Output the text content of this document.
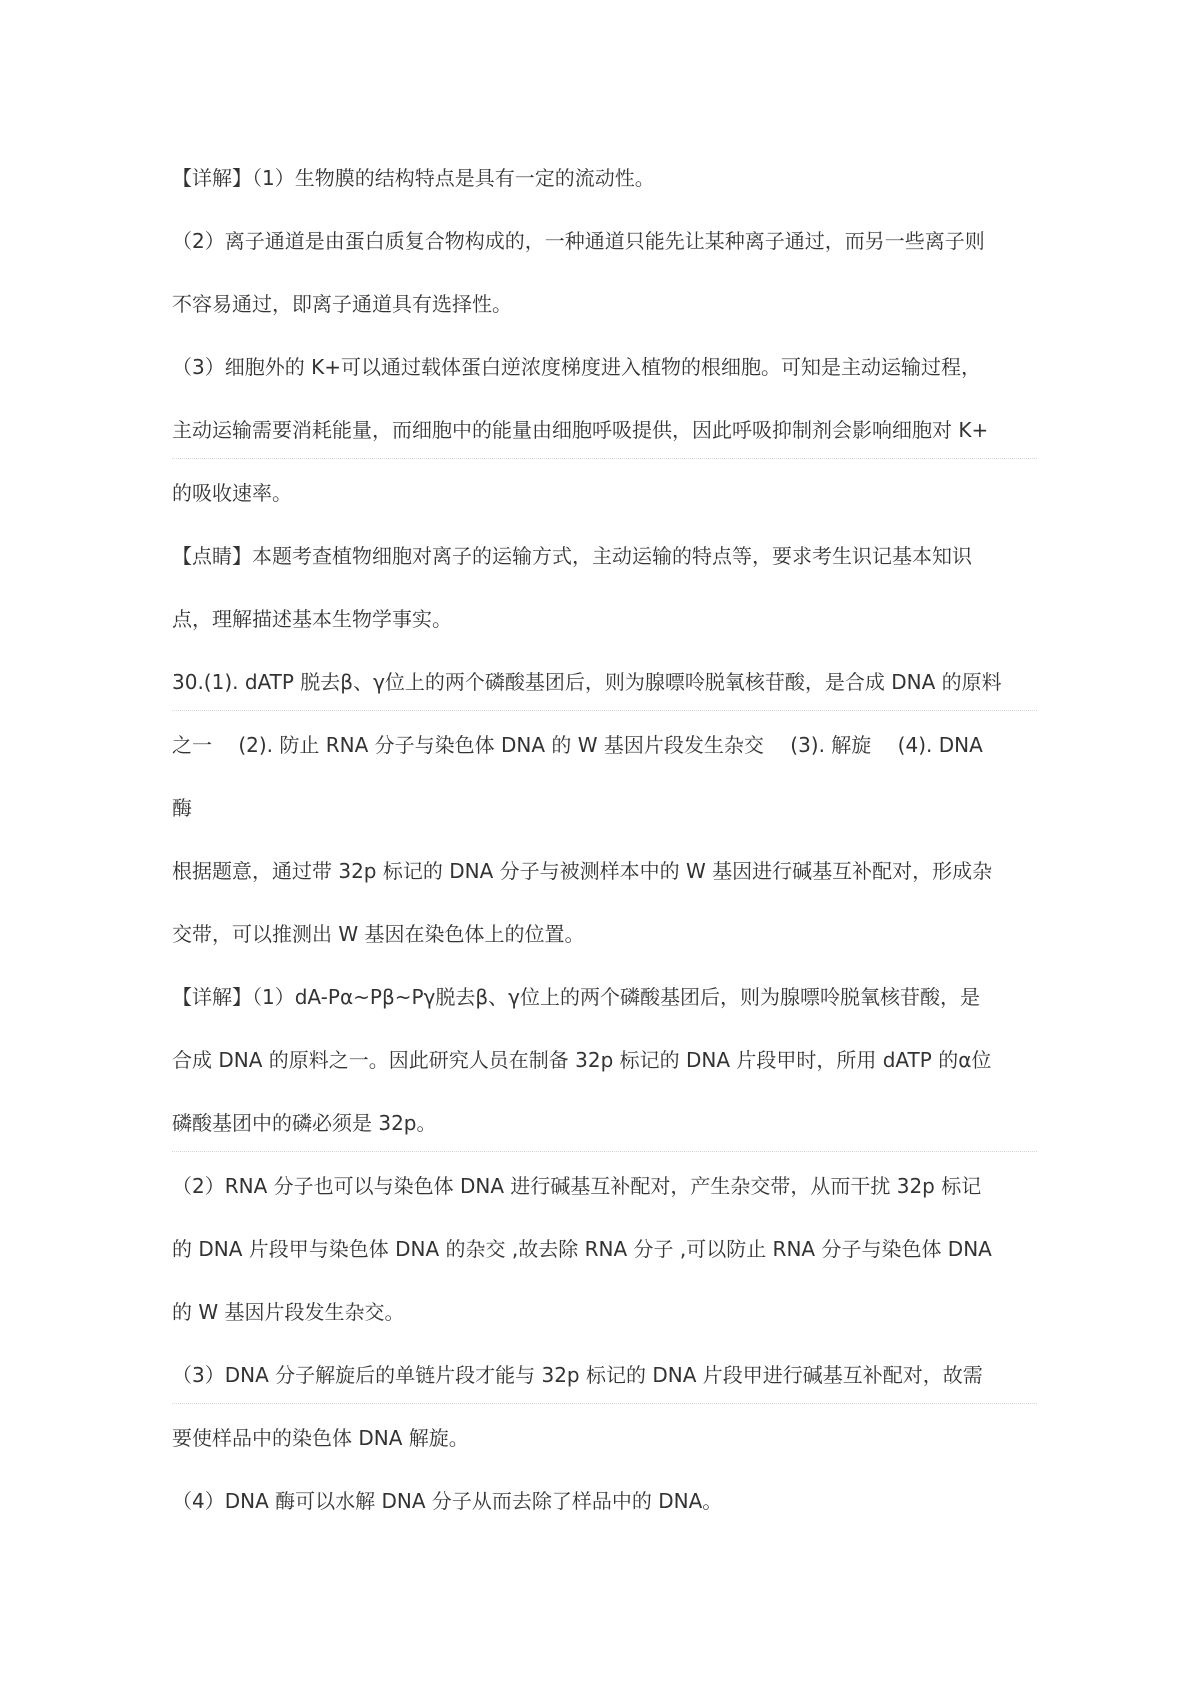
【详解】（1）生物膜的结构特点是具有一定的流动性。
（2）离子通道是由蛋白质复合物构成的，一种通道只能先让某种离子通过，而另一些离子则
不容易通过，即离子通道具有选择性。
（3）细胞外的 K+可以通过载体蛋白逆浓度梯度进入植物的根细胞。可知是主动运输过程，
主动运输需要消耗能量，而细胞中的能量由细胞呼吸提供，因此呼吸抑制剂会影响细胞对 K+
的吸收速率。
【点睛】本题考查植物细胞对离子的运输方式，主动运输的特点等，要求考生识记基本知识
点，理解描述基本生物学事实。
30.(1). dATP 脱去β、γ位上的两个磷酸基团后，则为腺嘌呤脱氧核苷酸，是合成 DNA 的原料
之一　 (2). 防止 RNA 分子与染色体 DNA 的 W 基因片段发生杂交　 (3). 解旋　 (4). DNA
酶
根据题意，通过带 32p 标记的 DNA 分子与被测样本中的 W 基因进行碱基互补配对，形成杂
交带，可以推测出 W 基因在染色体上的位置。
【详解】（1）dA-Pα~Pβ~Pγ脱去β、γ位上的两个磷酸基团后，则为腺嘌呤脱氧核苷酸，是
合成 DNA 的原料之一。因此研究人员在制备 32p 标记的 DNA 片段甲时，所用 dATP 的α位
磷酸基团中的磷必须是 32p。
（2）RNA 分子也可以与染色体 DNA 进行碱基互补配对，产生杂交带，从而干扰 32p 标记
的 DNA 片段甲与染色体 DNA 的杂交 ,故去除 RNA 分子 ,可以防止 RNA 分子与染色体 DNA
的 W 基因片段发生杂交。
（3）DNA 分子解旋后的单链片段才能与 32p 标记的 DNA 片段甲进行碱基互补配对，故需
要使样品中的染色体 DNA 解旋。
（4）DNA 酶可以水解 DNA 分子从而去除了样品中的 DNA。
